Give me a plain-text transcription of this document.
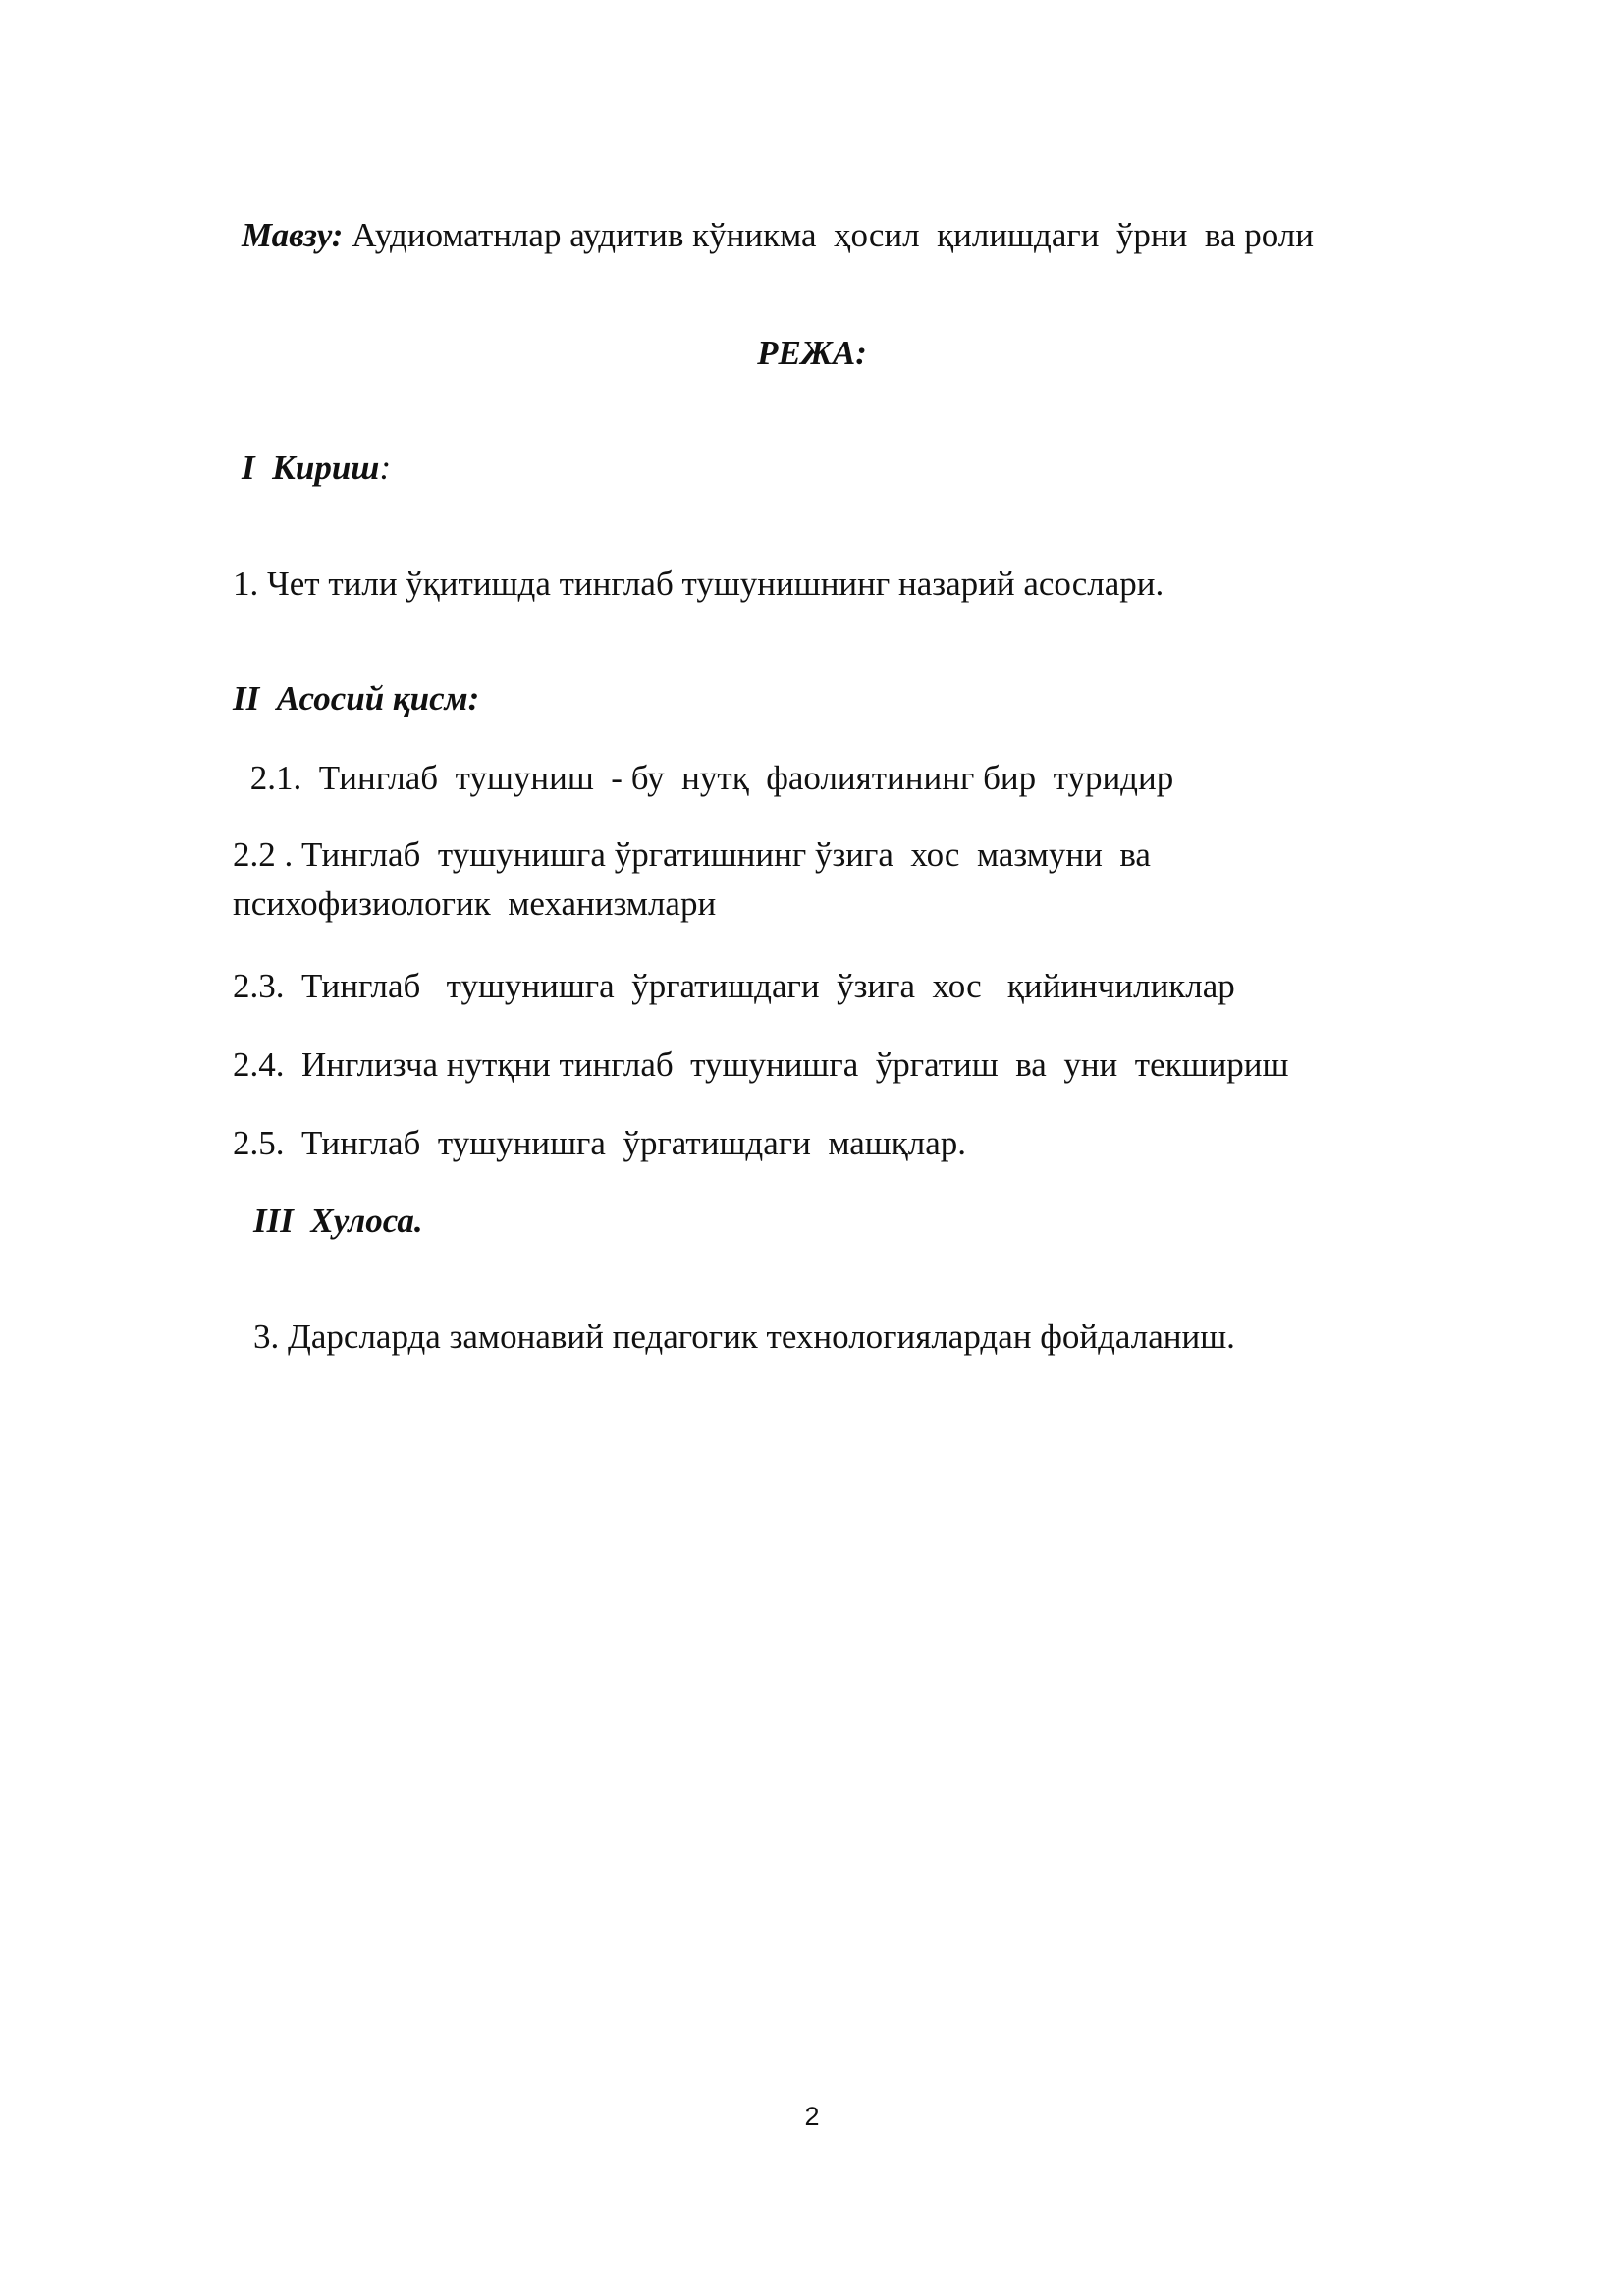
Мавзу: Аудиоматнлар аудитив кўникма  ҳосил  қилишдаги  ўрни  ва роли
РЕЖА:
I  Кириш:
1. Чет тили ўқитишда тинглаб тушунишнинг назарий асослари.
II  Асосий қисм:
2.1.  Тинглаб  тушуниш  - бу  нутқ  фаолиятининг бир  туридир
2.2 . Тинглаб  тушунишга ўргатишнинг ўзига  хос  мазмуни  ва
психофизиологик  механизмлари
2.3.  Тинглаб   тушунишга  ўргатишдаги  ўзига  хос   қийинчиликлар
2.4.  Инглизча нутқни тинглаб  тушунишга  ўргатиш  ва  уни  текшириш
2.5.  Тинглаб  тушунишга  ўргатишдаги  машқлар.
III  Хулоса.
3. Дарсларда замонавий педагогик технологиялардан фойдаланиш.
2
